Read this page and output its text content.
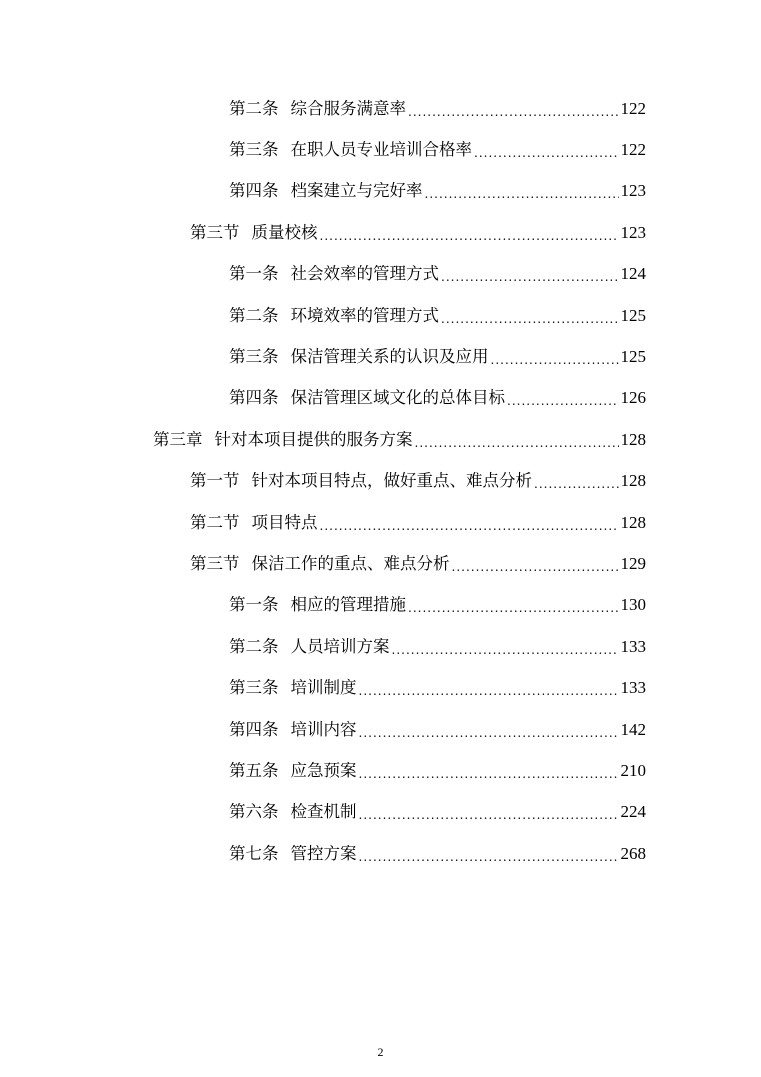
第二条 综合服务满意率 .....	122
第三条 在职人员专业培训合格率 .....	122
第四条 档案建立与完好率 .....	123
第三节 质量校核 .....	123
第一条 社会效率的管理方式 .....	124
第二条 环境效率的管理方式 .....	125
第三条 保洁管理关系的认识及应用 .....	125
第四条 保洁管理区域文化的总体目标 .....	126
第三章 针对本项目提供的服务方案 .....	128
第一节 针对本项目特点，做好重点、难点分析 .....	128
第二节 项目特点 .....	128
第三节 保洁工作的重点、难点分析 .....	129
第一条 相应的管理措施 .....	130
第二条 人员培训方案 .....	133
第三条 培训制度 .....	133
第四条 培训内容 .....	142
第五条 应急预案 .....	210
第六条 检查机制 .....	224
第七条 管控方案 .....	268
2
